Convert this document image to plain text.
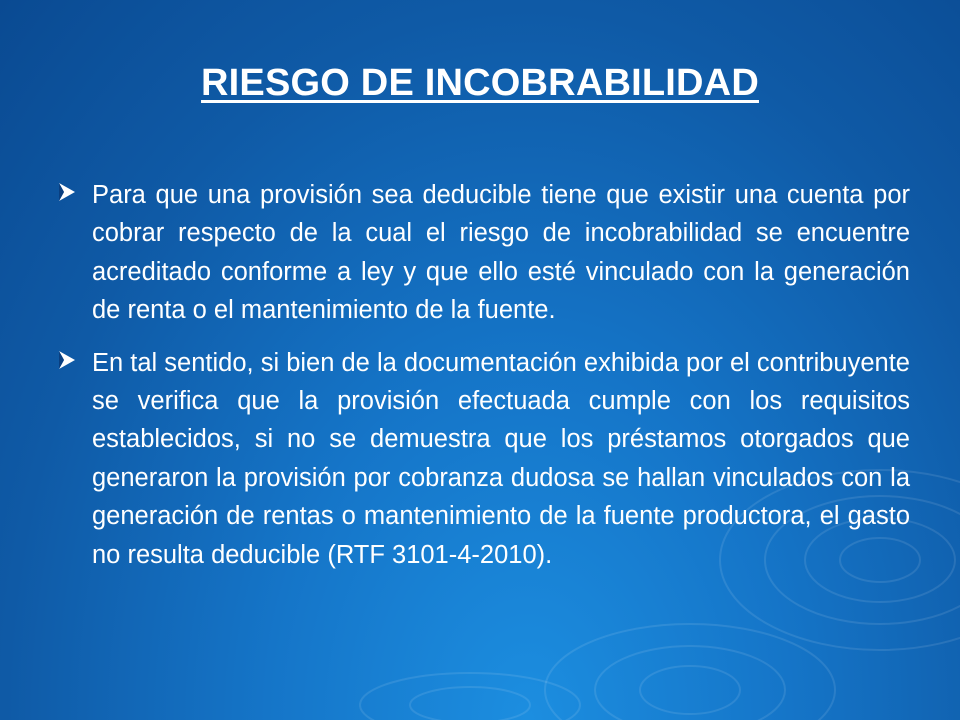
RIESGO DE INCOBRABILIDAD
Para que una provisión sea deducible tiene que existir una cuenta por cobrar respecto de la cual el riesgo de incobrabilidad se encuentre acreditado conforme a ley y que ello esté vinculado con la generación de renta o el mantenimiento de la fuente.
En tal sentido, si bien de la documentación exhibida por el contribuyente se verifica que la provisión efectuada cumple con los requisitos establecidos, si no se demuestra que los préstamos otorgados que generaron la provisión por cobranza dudosa se hallan vinculados con la generación de rentas o mantenimiento de la fuente productora, el gasto no resulta deducible (RTF 3101-4-2010).
